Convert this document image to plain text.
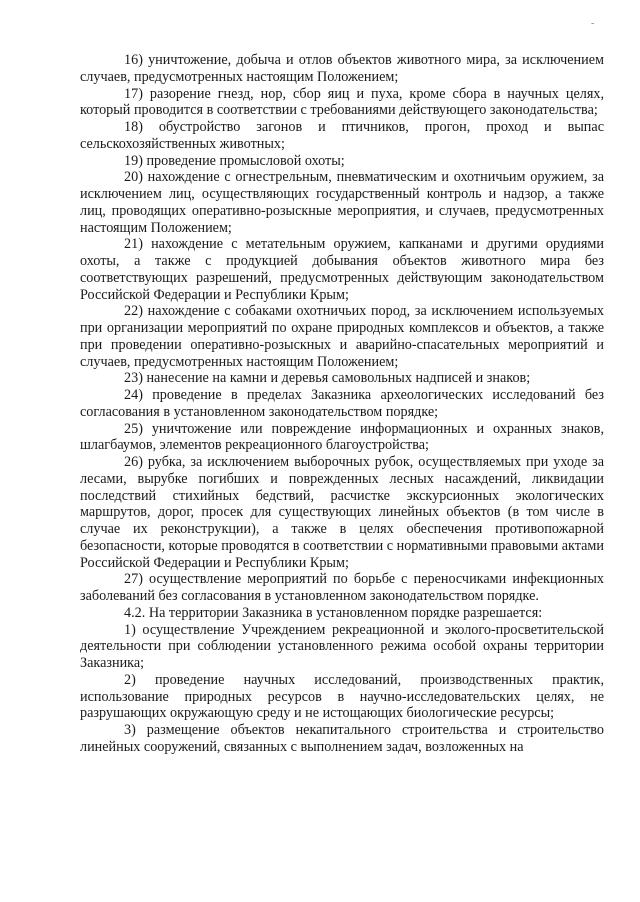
-

16) уничтожение, добыча и отлов объектов животного мира, за исключением случаев, предусмотренных настоящим Положением;

17) разорение гнезд, нор, сбор яиц и пуха, кроме сбора в научных целях, который проводится в соответствии с требованиями действующего законодательства;

18) обустройство загонов и птичников, прогон, проход и выпас сельскохозяйственных животных;

19) проведение промысловой охоты;

20) нахождение с огнестрельным, пневматическим и охотничьим оружием, за исключением лиц, осуществляющих государственный контроль и надзор, а также лиц, проводящих оперативно-розыскные мероприятия, и случаев, предусмотренных настоящим Положением;

21) нахождение с метательным оружием, капканами и другими орудиями охоты, а также с продукцией добывания объектов животного мира без соответствующих разрешений, предусмотренных действующим законодательством Российской Федерации и Республики Крым;

22) нахождение с собаками охотничьих пород, за исключением используемых при организации мероприятий по охране природных комплексов и объектов, а также при проведении оперативно-розыскных и аварийно-спасательных мероприятий и случаев, предусмотренных настоящим Положением;

23) нанесение на камни и деревья самовольных надписей и знаков;

24) проведение в пределах Заказника археологических исследований без согласования в установленном законодательством порядке;

25) уничтожение или повреждение информационных и охранных знаков, шлагбаумов, элементов рекреационного благоустройства;

26) рубка, за исключением выборочных рубок, осуществляемых при уходе за лесами, вырубке погибших и поврежденных лесных насаждений, ликвидации последствий стихийных бедствий, расчистке экскурсионных экологических маршрутов, дорог, просек для существующих линейных объектов (в том числе в случае их реконструкции), а также в целях обеспечения противопожарной безопасности, которые проводятся в соответствии с нормативными правовыми актами Российской Федерации и Республики Крым;

27) осуществление мероприятий по борьбе с переносчиками инфекционных заболеваний без согласования в установленном законодательством порядке.

4.2. На территории Заказника в установленном порядке разрешается:

1) осуществление Учреждением рекреационной и эколого-просветительской деятельности при соблюдении установленного режима особой охраны территории Заказника;

2) проведение научных исследований, производственных практик, использование природных ресурсов в научно-исследовательских целях, не разрушающих окружающую среду и не истощающих биологические ресурсы;

3) размещение объектов некапитального строительства и строительство линейных сооружений, связанных с выполнением задач, возложенных на
